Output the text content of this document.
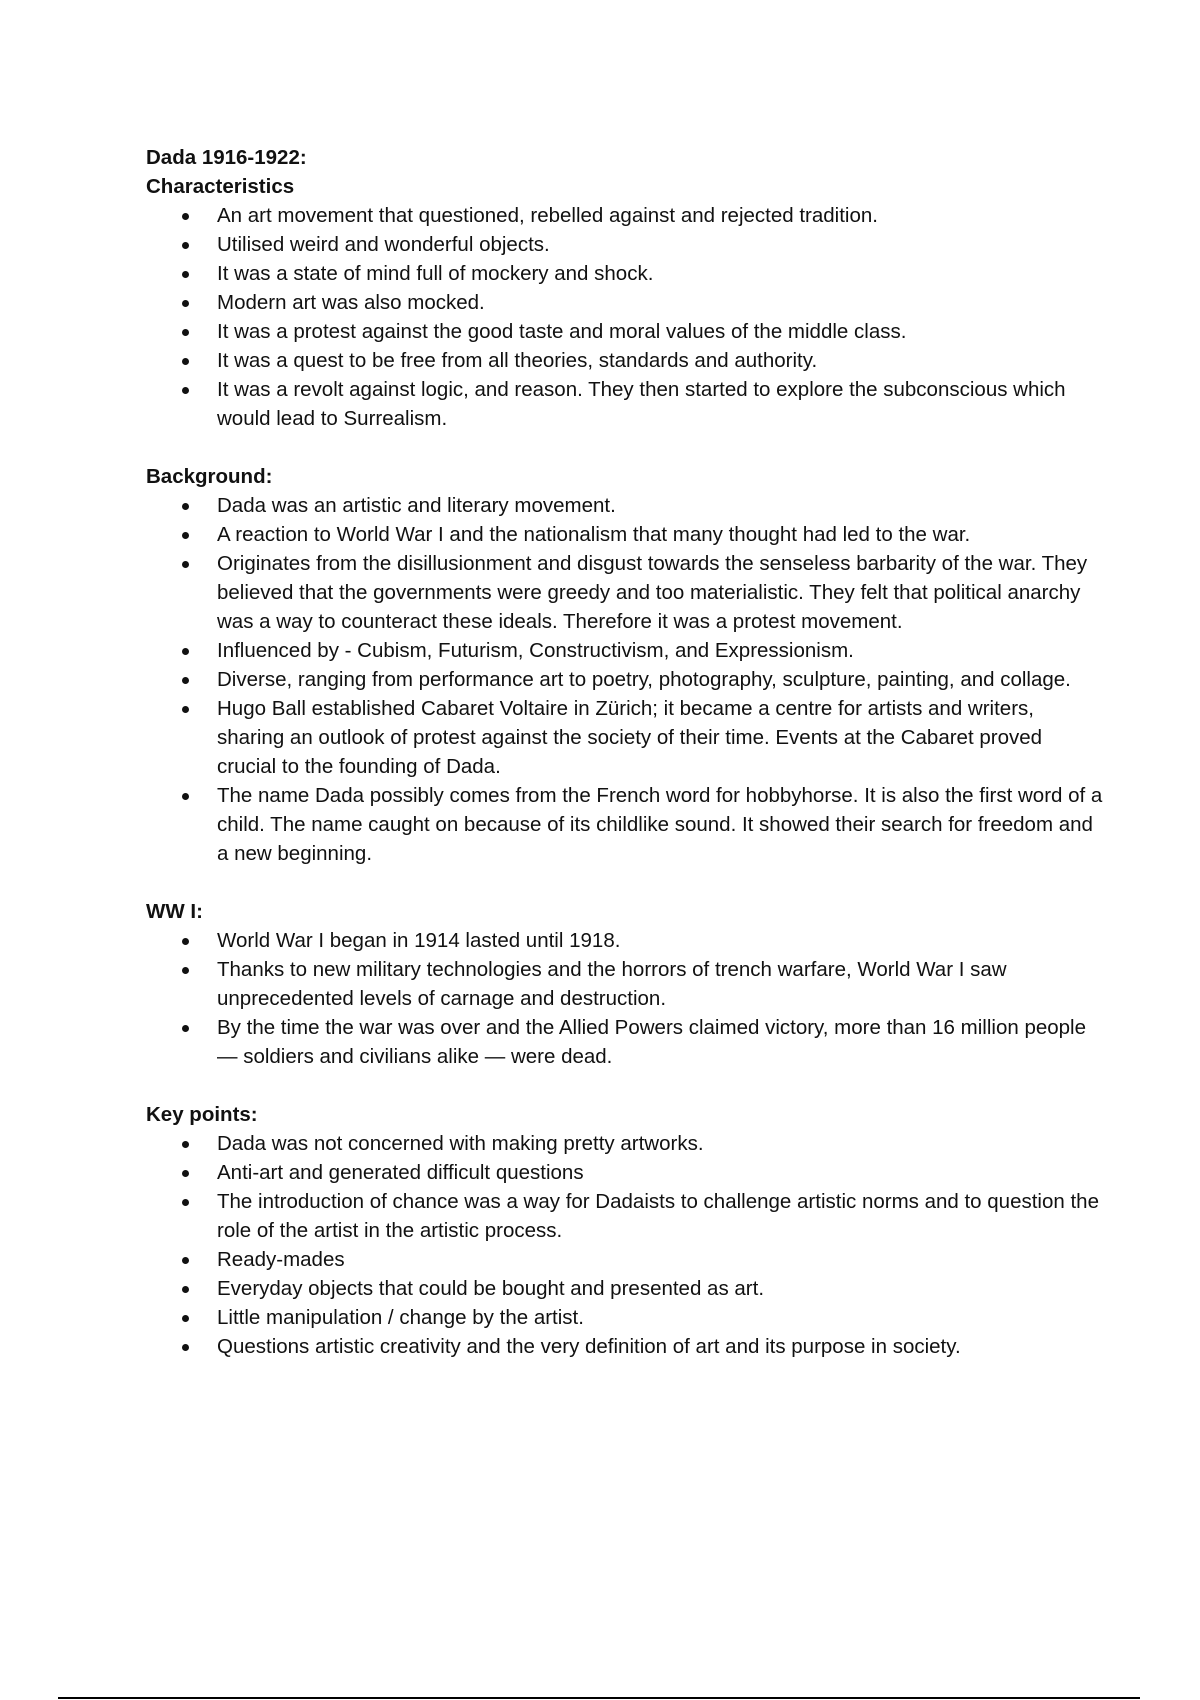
Dada 1916-1922:

Characteristics

An art movement that questioned, rebelled against and rejected tradition.
Utilised weird and wonderful objects.
It was a state of mind full of mockery and shock.
Modern art was also mocked.
It was a protest against the good taste and moral values of the middle class.
It was a quest to be free from all theories, standards and authority.
It was a revolt against logic, and reason. They then started to explore the subconscious which would lead to Surrealism.

Background:

Dada was an artistic and literary movement.
A reaction to World War I and the nationalism that many thought had led to the war.
Originates from the disillusionment and disgust towards the senseless barbarity of the war. They believed that the governments were greedy and too materialistic. They felt that political anarchy was a way to counteract these ideals. Therefore it was a protest movement.
Influenced by - Cubism, Futurism, Constructivism, and Expressionism.
Diverse, ranging from performance art to poetry, photography, sculpture, painting, and collage.
Hugo Ball established Cabaret Voltaire in Zürich; it became a centre for artists and writers, sharing an outlook of protest against the society of their time. Events at the Cabaret proved crucial to the founding of Dada.
The name Dada possibly comes from the French word for hobbyhorse. It is also the first word of a child. The name caught on because of its childlike sound. It showed their search for freedom and a new beginning.

WW I:

World War I began in 1914 lasted until 1918.
Thanks to new military technologies and the horrors of trench warfare, World War I saw unprecedented levels of carnage and destruction.
By the time the war was over and the Allied Powers claimed victory, more than 16 million people — soldiers and civilians alike — were dead.

Key points:

Dada was not concerned with making pretty artworks.
Anti-art and generated difficult questions
The introduction of chance was a way for Dadaists to challenge artistic norms and to question the role of the artist in the artistic process.
Ready-mades
Everyday objects that could be bought and presented as art.
Little manipulation / change by the artist.
Questions artistic creativity and the very definition of art and its purpose in society.
